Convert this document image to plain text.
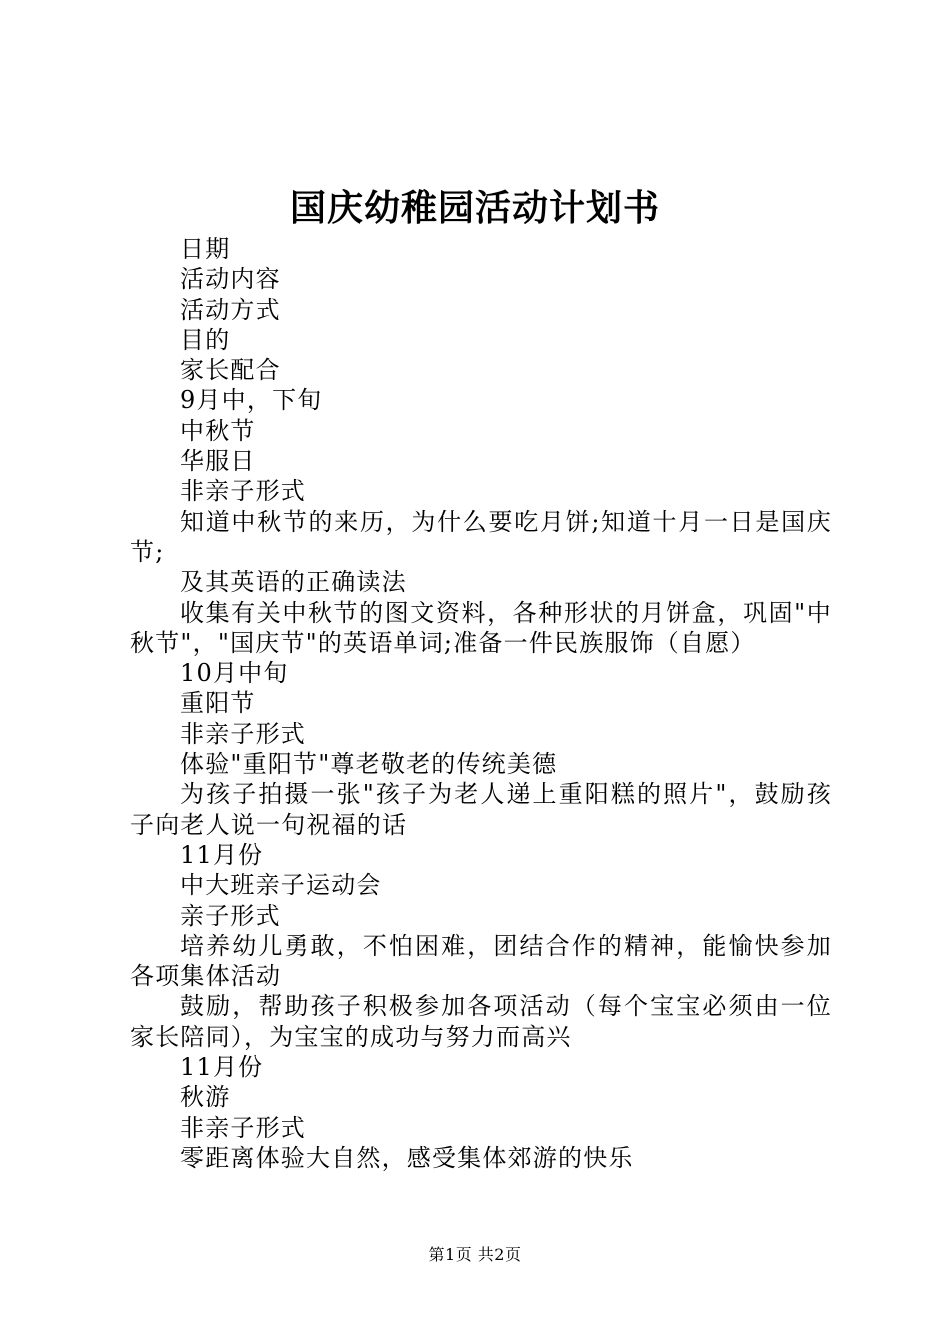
国庆幼稚园活动计划书

日期

活动内容

活动方式

目的

家长配合

9月中，下旬

中秋节

华服日

非亲子形式

知道中秋节的来历，为什么要吃月饼;知道十月一日是国庆节;

及其英语的正确读法

收集有关中秋节的图文资料，各种形状的月饼盒，巩固"中秋节"，"国庆节"的英语单词;准备一件民族服饰（自愿）

10月中旬

重阳节

非亲子形式

体验"重阳节"尊老敬老的传统美德

为孩子拍摄一张"孩子为老人递上重阳糕的照片"，鼓励孩子向老人说一句祝福的话

11月份

中大班亲子运动会

亲子形式

培养幼儿勇敢，不怕困难，团结合作的精神，能愉快参加各项集体活动

鼓励，帮助孩子积极参加各项活动（每个宝宝必须由一位家长陪同），为宝宝的成功与努力而高兴

11月份

秋游

非亲子形式

零距离体验大自然，感受集体郊游的快乐

第1页 共2页
